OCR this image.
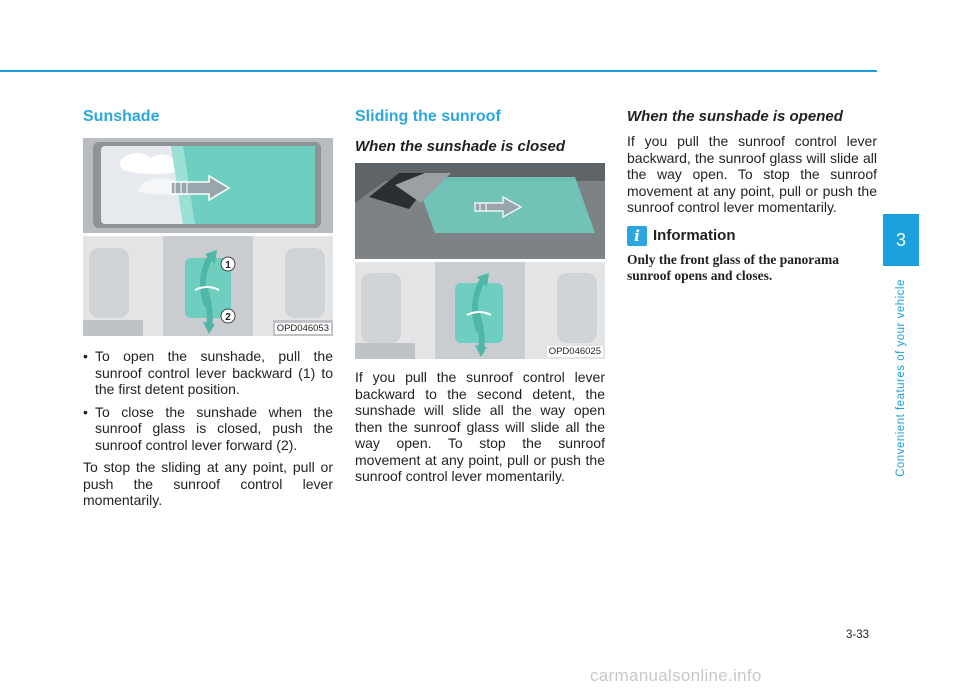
Sunshade
1
2
OPD046053
• To open the sunshade, pull the sunroof control lever backward (1) to the first detent position.
• To close the sunshade when the sunroof glass is closed, push the sunroof control lever forward (2).

To stop the sliding at any point, pull or push the sunroof control lever momentarily.

Sliding the sunroof
When the sunshade is closed
OPD046025

If you pull the sunroof control lever backward to the second detent, the sunshade will slide all the way open then the sunroof glass will slide all the way open. To stop the sunroof movement at any point, pull or push the sunroof control lever momentarily.

When the sunshade is opened

If you pull the sunroof control lever backward, the sunroof glass will slide all the way open. To stop the sunroof movement at any point, pull or push the sunroof control lever momentarily.

i Information

Only the front glass of the panorama sunroof opens and closes.

3
Convenient features of your vehicle
3-33
carmanualsonline.info
